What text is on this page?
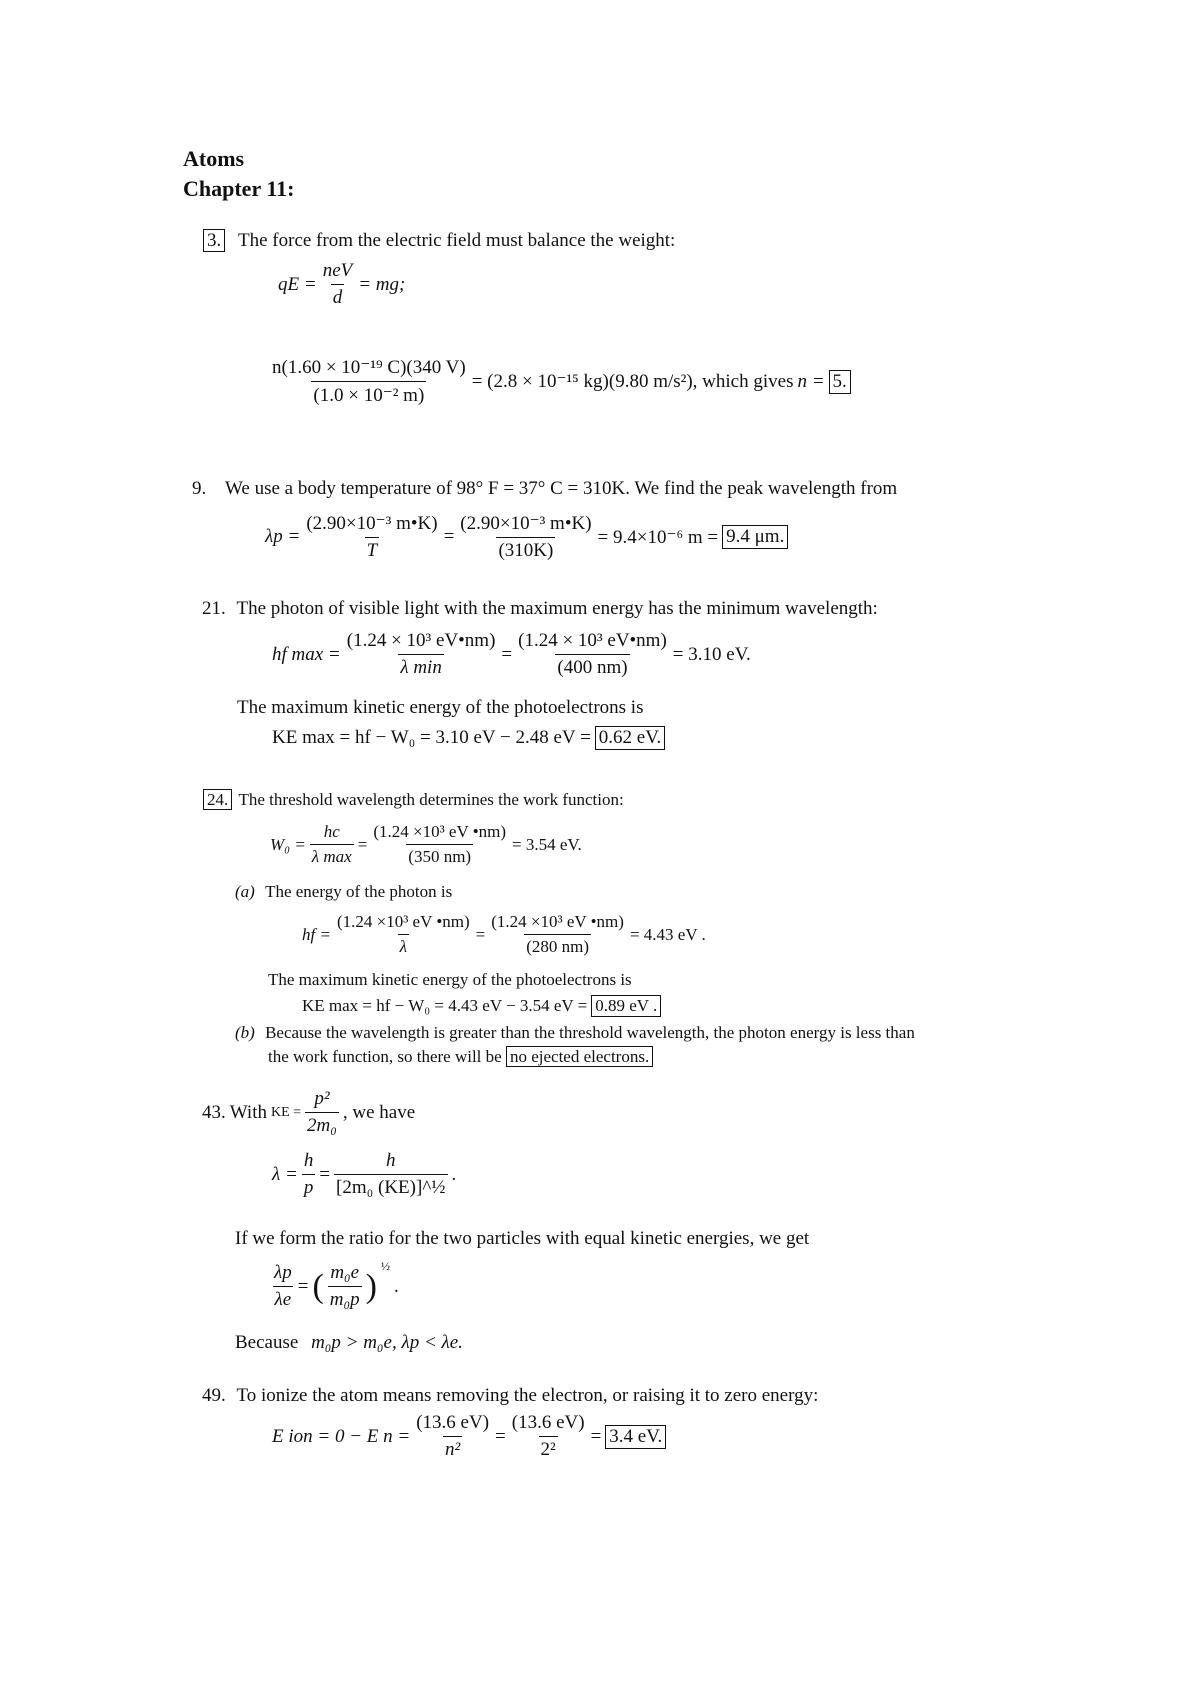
Atoms
Chapter 11:
3. The force from the electric field must balance the weight:
qE = $\frac{\text{neV}}{d}$ = mg;
$\frac{\text{n(1.60 × 10⁻¹⁹ C)(340 V)}}{\text{(1.0 × 10⁻² m)}} = (2.8 \times 10^{-15}$ kg)(9.80 m/s²), which gives n = 5.
9. We use a body temperature of 98° F = 37° C = 310K. We find the peak wavelength from
$\lambda p = \frac{\text{(2.90×10⁻³ m•K)}}{T} = \frac{\text{(2.90×10⁻³ m•K)}}{(310K)} = 9.4\times 10^{-6}$ m = 9.4 μm.
21. The photon of visible light with the maximum energy has the minimum wavelength:
hf $\max = \frac{\text{(1.24 × 10³ eV•nm)}}{\text{λ min}} = \frac{\text{(1.24 × 10³ eV•nm)}}{(400 nm)} = 3.10$ eV.
The maximum kinetic energy of the photoelectrons is
KE max = hf − W₀ = 3.10 eV − 2.48 eV = 0.62 eV.
24. The threshold wavelength determines the work function:
$W_0 = \frac{hc}{\text{λ max}} = \frac{\text{(1.24 ×10³ eV •nm)}}{(350 nm)} = 3.54$ eV.
(a) The energy of the photon is
hf = $\frac{\text{(1.24 ×10³ eV •nm)}}{\lambda} = \frac{\text{(1.24 ×10³ eV •nm)}}{(280 nm)} = 4.43$ eV .
The maximum kinetic energy of the photoelectrons is
KE max = hf − W₀ = 4.43 eV − 3.54 eV = 0.89 eV .
(b) Because the wavelength is greater than the threshold wavelength, the photon energy is less than
the work function, so there will be no ejected electrons.
43. With KE = $\frac{\text{p²}}{\text{2m₀}}$ , we have
$\lambda = \frac{h}{p} = \frac{h}{\text{[2m₀ (KE)]\textasciicircum{}½}}$ .
If we form the ratio for the two particles with equal kinetic energies, we get
$\frac{\lambda p}{\lambda e}$ = ( $\frac{\text{m₀e}}{\text{m₀p}}$ )
$^{\frac{1}{2}}$
.
Because m₀p > m₀e, λp < λe.
49. To ionize the atom means removing the electron, or raising it to zero energy:
E ion = 0 − E $n = \frac{(13.6 eV)}{\text{n²}} = \frac{(13.6 eV)}{\text{2²}} = 3.4$ eV.
